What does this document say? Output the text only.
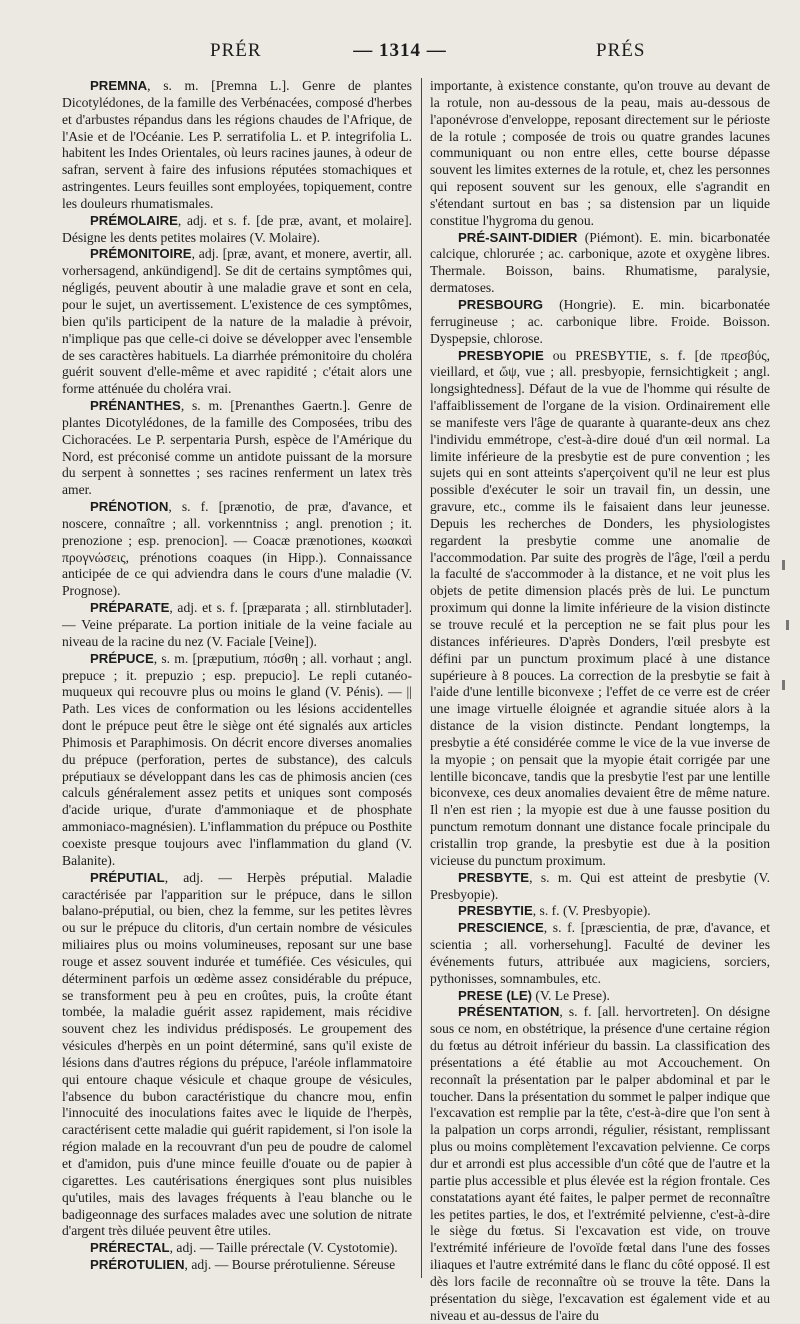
PRÉR	— 1314 —	PRÉS

PREMNA, s. m. [Premna L.]. Genre de plantes Dicotylédones, de la famille des Verbénacées, composé d'herbes et d'arbustes répandus dans les régions chaudes de l'Afrique, de l'Asie et de l'Océanie. Les P. serratifolia L. et P. integrifolia L. habitent les Indes Orientales, où leurs racines jaunes, à odeur de safran, servent à faire des infusions réputées stomachiques et astringentes. Leurs feuilles sont employées, topiquement, contre les douleurs rhumatismales.

PRÉMOLAIRE, adj. et s. f. [de præ, avant, et molaire]. Désigne les dents petites molaires (V. Molaire).

PRÉMONITOIRE, adj. [præ, avant, et monere, avertir, all. vorhersagend, ankündigend]. Se dit de certains symptômes qui, négligés, peuvent aboutir à une maladie grave et sont en cela, pour le sujet, un avertissement. L'existence de ces symptômes, bien qu'ils participent de la nature de la maladie à prévoir, n'implique pas que celle-ci doive se développer avec l'ensemble de ses caractères habituels. La diarrhée prémonitoire du choléra guérit souvent d'elle-même et avec rapidité ; c'était alors une forme atténuée du choléra vrai.

PRÉNANTHES, s. m. [Prenanthes Gaertn.]. Genre de plantes Dicotylédones, de la famille des Composées, tribu des Cichoracées. Le P. serpentaria Pursh, espèce de l'Amérique du Nord, est préconisé comme un antidote puissant de la morsure du serpent à sonnettes ; ses racines renferment un latex très amer.

PRÉNOTION, s. f. [prænotio, de præ, d'avance, et noscere, connaître ; all. vorkenntniss ; angl. prenotion ; it. prenozione ; esp. prenocion]. — Coacæ prænotiones, κωακαὶ προγνώσεις, prénotions coaques (in Hipp.). Connaissance anticipée de ce qui adviendra dans le cours d'une maladie (V. Prognose).

PRÉPARATE, adj. et s. f. [præparata ; all. stirnblutader]. — Veine préparate. La portion initiale de la veine faciale au niveau de la racine du nez (V. Faciale [Veine]).

PRÉPUCE, s. m. [præputium, πόσθη ; all. vorhaut ; angl. prepuce ; it. prepuzio ; esp. prepucio]. Le repli cutanéo-muqueux qui recouvre plus ou moins le gland (V. Pénis). — || Path. Les vices de conformation ou les lésions accidentelles dont le prépuce peut être le siège ont été signalés aux articles Phimosis et Paraphimosis. On décrit encore diverses anomalies du prépuce (perforation, pertes de substance), des calculs préputiaux se développant dans les cas de phimosis ancien (ces calculs généralement assez petits et uniques sont composés d'acide urique, d'urate d'ammoniaque et de phosphate ammoniaco-magnésien). L'inflammation du prépuce ou Posthite coexiste presque toujours avec l'inflammation du gland (V. Balanite).

PRÉPUTIAL, adj. — Herpès préputial. Maladie caractérisée par l'apparition sur le prépuce, dans le sillon balano-préputial, ou bien, chez la femme, sur les petites lèvres ou sur le prépuce du clitoris, d'un certain nombre de vésicules miliaires plus ou moins volumineuses, reposant sur une base rouge et assez souvent indurée et tuméfiée. Ces vésicules, qui déterminent parfois un œdème assez considérable du prépuce, se transforment peu à peu en croûtes, puis, la croûte étant tombée, la maladie guérit assez rapidement, mais récidive souvent chez les individus prédisposés. Le groupement des vésicules d'herpès en un point déterminé, sans qu'il existe de lésions dans d'autres régions du prépuce, l'aréole inflammatoire qui entoure chaque vésicule et chaque groupe de vésicules, l'absence du bubon caractéristique du chancre mou, enfin l'innocuité des inoculations faites avec le liquide de l'herpès, caractérisent cette maladie qui guérit rapidement, si l'on isole la région malade en la recouvrant d'un peu de poudre de calomel et d'amidon, puis d'une mince feuille d'ouate ou de papier à cigarettes. Les cautérisations énergiques sont plus nuisibles qu'utiles, mais des lavages fréquents à l'eau blanche ou le badigeonnage des surfaces malades avec une solution de nitrate d'argent très diluée peuvent être utiles.

PRÉRECTAL, adj. — Taille prérectale (V. Cystotomie).

PRÉROTULIEN, adj. — Bourse prérotulienne. Séreuse

importante, à existence constante, qu'on trouve au devant de la rotule, non au-dessous de la peau, mais au-dessous de l'aponévrose d'enveloppe, reposant directement sur le périoste de la rotule ; composée de trois ou quatre grandes lacunes communiquant ou non entre elles, cette bourse dépasse souvent les limites externes de la rotule, et, chez les personnes qui reposent souvent sur les genoux, elle s'agrandit en s'étendant surtout en bas ; sa distension par un liquide constitue l'hygroma du genou.

PRÉ-SAINT-DIDIER (Piémont). E. min. bicarbonatée calcique, chlorurée ; ac. carbonique, azote et oxygène libres. Thermale. Boisson, bains. Rhumatisme, paralysie, dermatoses.

PRESBOURG (Hongrie). E. min. bicarbonatée ferrugineuse ; ac. carbonique libre. Froide. Boisson. Dyspepsie, chlorose.

PRESBYOPIE ou PRESBYTIE, s. f. [de πρεσβύς, vieillard, et ὤψ, vue ; all. presbyopie, fernsichtigkeit ; angl. longsightedness]. Défaut de la vue de l'homme qui résulte de l'affaiblissement de l'organe de la vision. Ordinairement elle se manifeste vers l'âge de quarante à quarante-deux ans chez l'individu emmétrope, c'est-à-dire doué d'un œil normal. La limite inférieure de la presbytie est de pure convention ; les sujets qui en sont atteints s'aperçoivent qu'il ne leur est plus possible d'exécuter le soir un travail fin, un dessin, une gravure, etc., comme ils le faisaient dans leur jeunesse. Depuis les recherches de Donders, les physiologistes regardent la presbytie comme une anomalie de l'accommodation. Par suite des progrès de l'âge, l'œil a perdu la faculté de s'accommoder à la distance, et ne voit plus les objets de petite dimension placés près de lui. Le punctum proximum qui donne la limite inférieure de la vision distincte se trouve reculé et la perception ne se fait plus pour les distances inférieures. D'après Donders, l'œil presbyte est défini par un punctum proximum placé à une distance supérieure à 8 pouces. La correction de la presbytie se fait à l'aide d'une lentille biconvexe ; l'effet de ce verre est de créer une image virtuelle éloignée et agrandie située alors à la distance de la vision distincte. Pendant longtemps, la presbytie a été considérée comme le vice de la vue inverse de la myopie ; on pensait que la myopie était corrigée par une lentille biconcave, tandis que la presbytie l'est par une lentille biconvexe, ces deux anomalies devaient être de même nature. Il n'en est rien ; la myopie est due à une fausse position du punctum remotum donnant une distance focale principale du cristallin trop grande, la presbytie est due à la position vicieuse du punctum proximum.

PRESBYTE, s. m. Qui est atteint de presbytie (V. Presbyopie).

PRESBYTIE, s. f. (V. Presbyopie).

PRESCIENCE, s. f. [præscientia, de præ, d'avance, et scientia ; all. vorhersehung]. Faculté de deviner les événements futurs, attribuée aux magiciens, sorciers, pythonisses, somnambules, etc.

PRESE (LE) (V. Le Prese).

PRÉSENTATION, s. f. [all. hervortreten]. On désigne sous ce nom, en obstétrique, la présence d'une certaine région du fœtus au détroit inférieur du bassin. La classification des présentations a été établie au mot Accouchement. On reconnaît la présentation par le palper abdominal et par le toucher. Dans la présentation du sommet le palper indique que l'excavation est remplie par la tête, c'est-à-dire que l'on sent à la palpation un corps arrondi, régulier, résistant, remplissant plus ou moins complètement l'excavation pelvienne. Ce corps dur et arrondi est plus accessible d'un côté que de l'autre et la partie plus accessible et plus élevée est la région frontale. Ces constatations ayant été faites, le palper permet de reconnaître les petites parties, le dos, et l'extrémité pelvienne, c'est-à-dire le siège du fœtus. Si l'excavation est vide, on trouve l'extrémité inférieure de l'ovoïde fœtal dans l'une des fosses iliaques et l'autre extrémité dans le flanc du côté opposé. Il est dès lors facile de reconnaître où se trouve la tête. Dans la présentation du siège, l'excavation est également vide et au niveau et au-dessus de l'aire du
